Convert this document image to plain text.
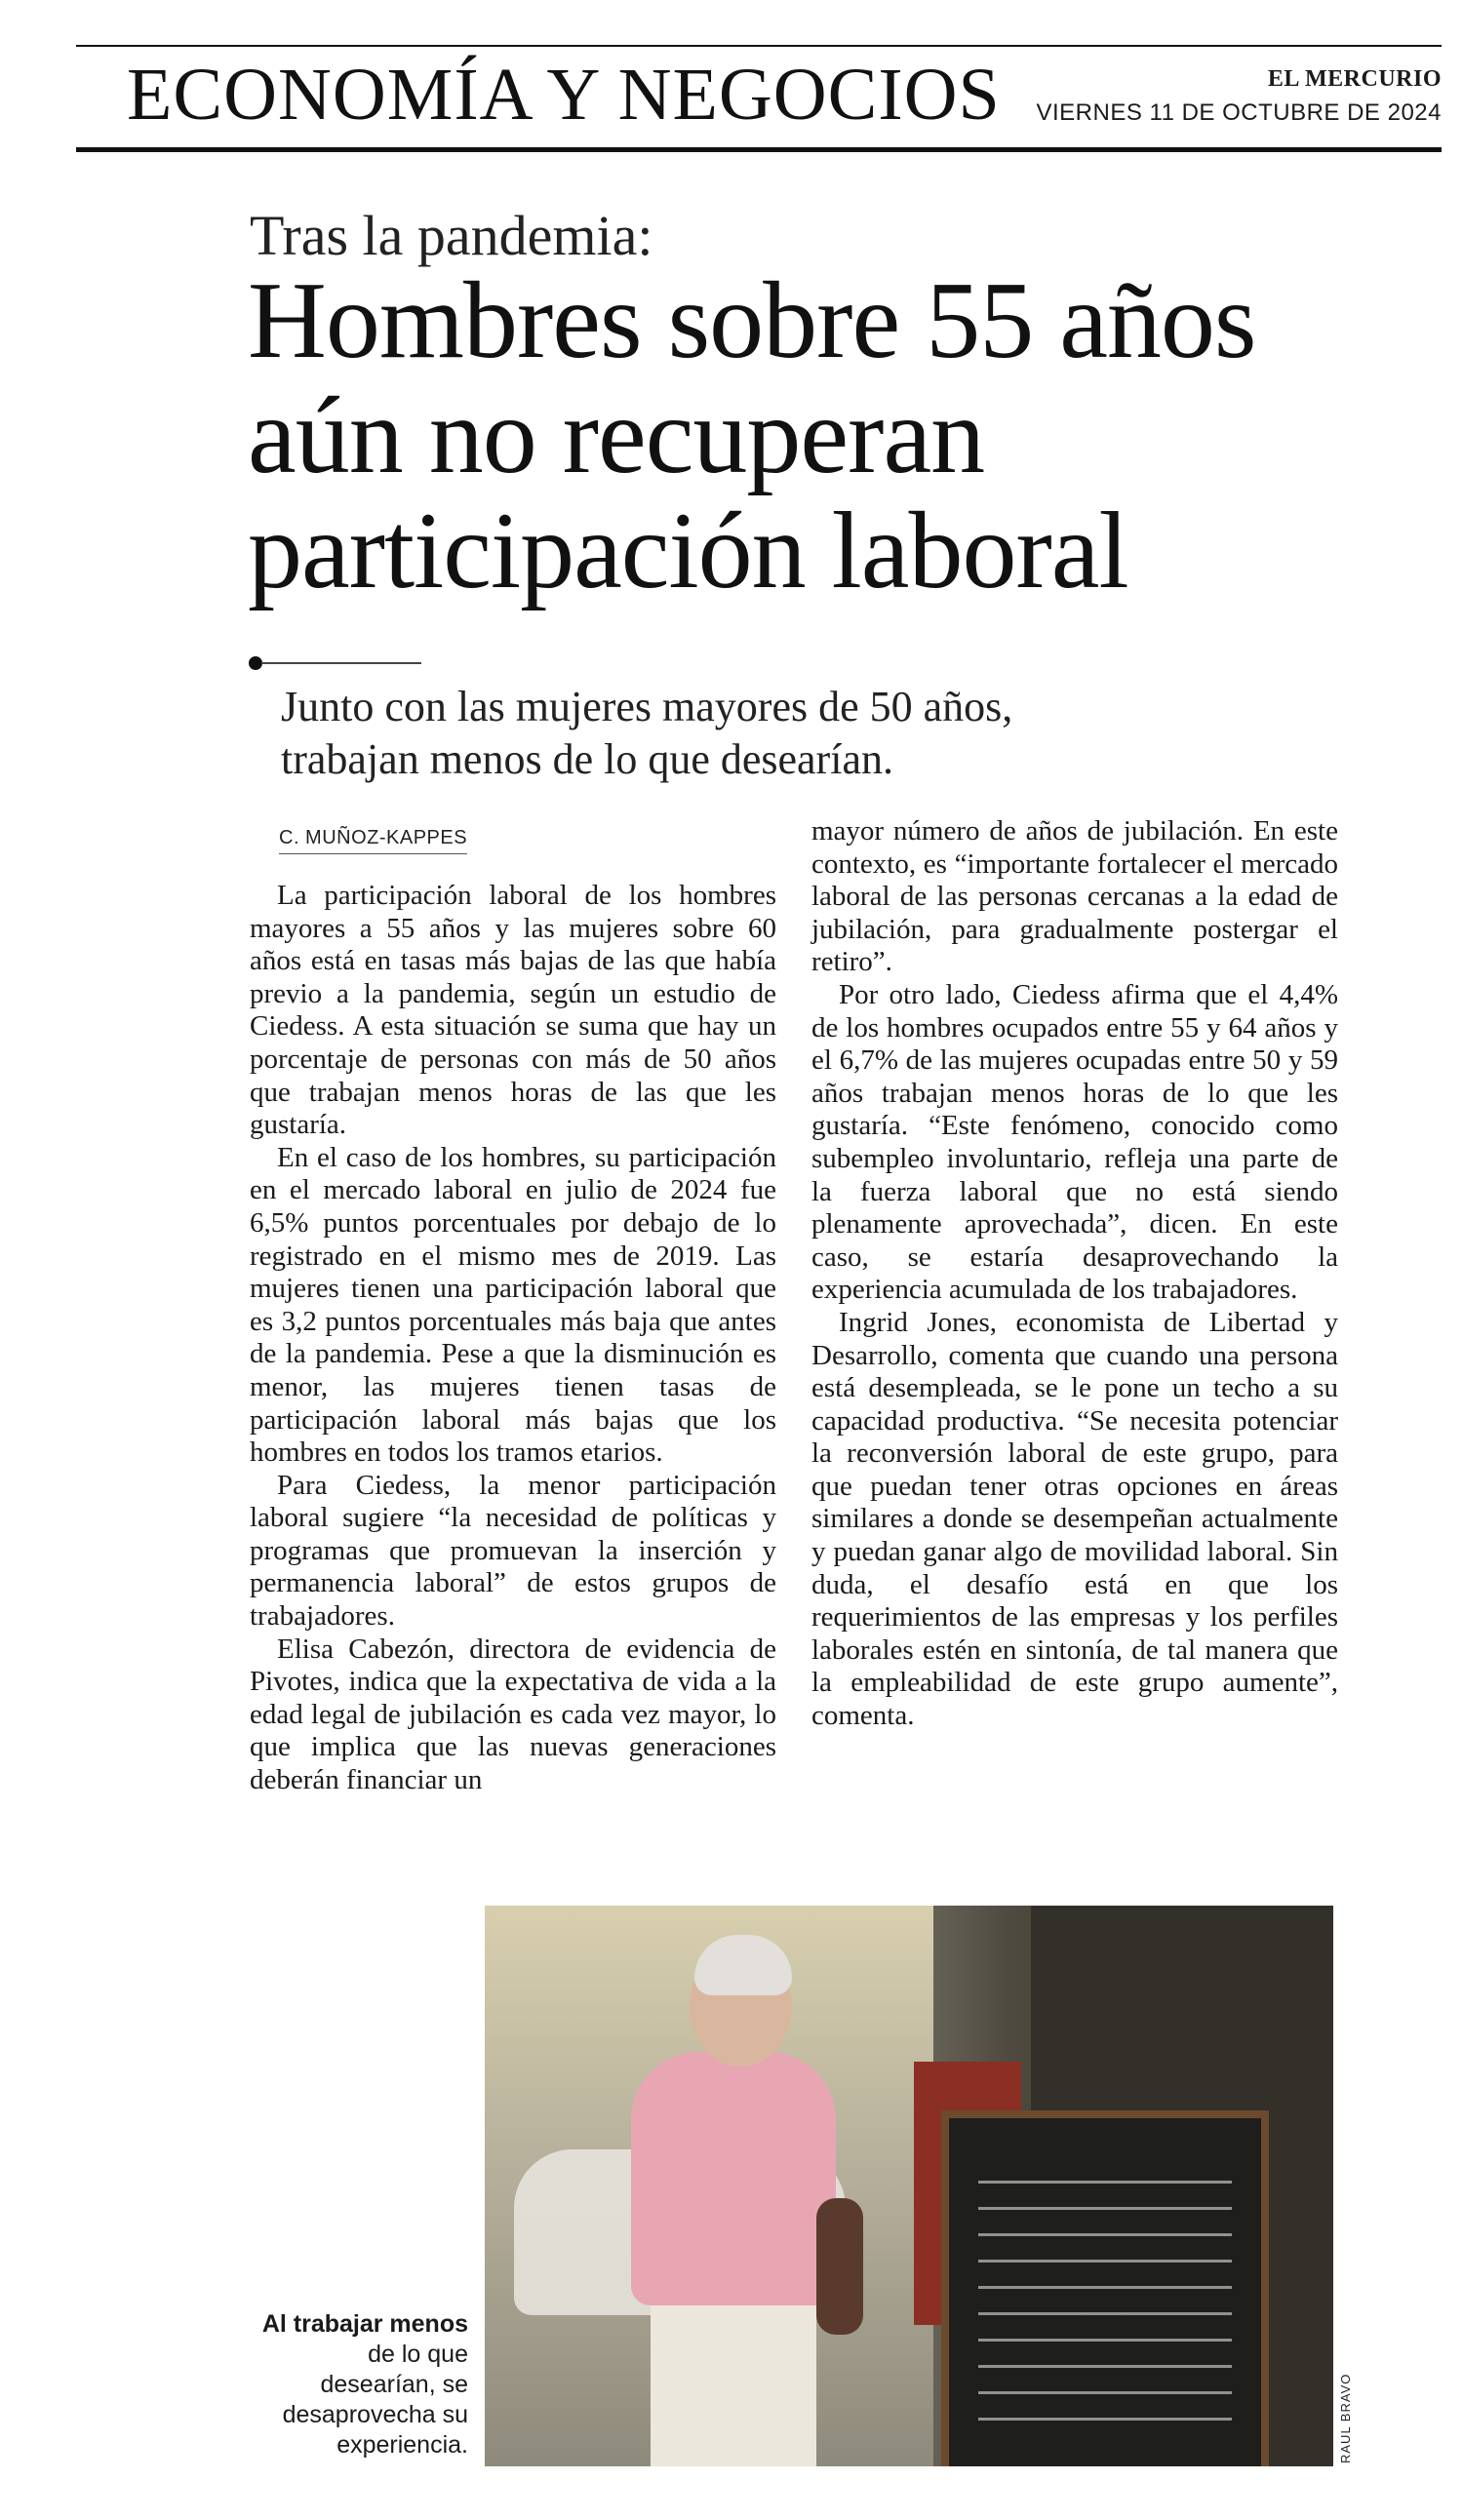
ECONOMÍA Y NEGOCIOS	EL MERCURIO
VIERNES 11 DE OCTUBRE DE 2024
Tras la pandemia:
Hombres sobre 55 años
aún no recuperan
participación laboral
Junto con las mujeres mayores de 50 años,
trabajan menos de lo que desearían.
C. MUÑOZ-KAPPES

La participación laboral de los hombres mayores a 55 años y las mujeres sobre 60 años está en tasas más bajas de las que había previo a la pandemia, según un estudio de Ciedess. A esta situación se suma que hay un porcentaje de personas con más de 50 años que trabajan menos horas de las que les gustaría.

En el caso de los hombres, su participación en el mercado laboral en julio de 2024 fue 6,5% puntos porcentuales por debajo de lo registrado en el mismo mes de 2019. Las mujeres tienen una participación laboral que es 3,2 puntos porcentuales más baja que antes de la pandemia. Pese a que la disminución es menor, las mujeres tienen tasas de participación laboral más bajas que los hombres en todos los tramos etarios.

Para Ciedess, la menor participación laboral sugiere “la necesidad de políticas y programas que promuevan la inserción y permanencia laboral” de estos grupos de trabajadores.

Elisa Cabezón, directora de evidencia de Pivotes, indica que la expectativa de vida a la edad legal de jubilación es cada vez mayor, lo que implica que las nuevas generaciones deberán financiar un

mayor número de años de jubilación. En este contexto, es “importante fortalecer el mercado laboral de las personas cercanas a la edad de jubilación, para gradualmente postergar el retiro”.

Por otro lado, Ciedess afirma que el 4,4% de los hombres ocupados entre 55 y 64 años y el 6,7% de las mujeres ocupadas entre 50 y 59 años trabajan menos horas de lo que les gustaría. “Este fenómeno, conocido como subempleo involuntario, refleja una parte de la fuerza laboral que no está siendo plenamente aprovechada”, dicen. En este caso, se estaría desaprovechando la experiencia acumulada de los trabajadores.

Ingrid Jones, economista de Libertad y Desarrollo, comenta que cuando una persona está desempleada, se le pone un techo a su capacidad productiva. “Se necesita potenciar la reconversión laboral de este grupo, para que puedan tener otras opciones en áreas similares a donde se desempeñan actualmente y puedan ganar algo de movilidad laboral. Sin duda, el desafío está en que los requerimientos de las empresas y los perfiles laborales estén en sintonía, de tal manera que la empleabilidad de este grupo aumente”, comenta.

RAUL BRAVO
Al trabajar menos de lo que desearían, se desaprovecha su experiencia.
